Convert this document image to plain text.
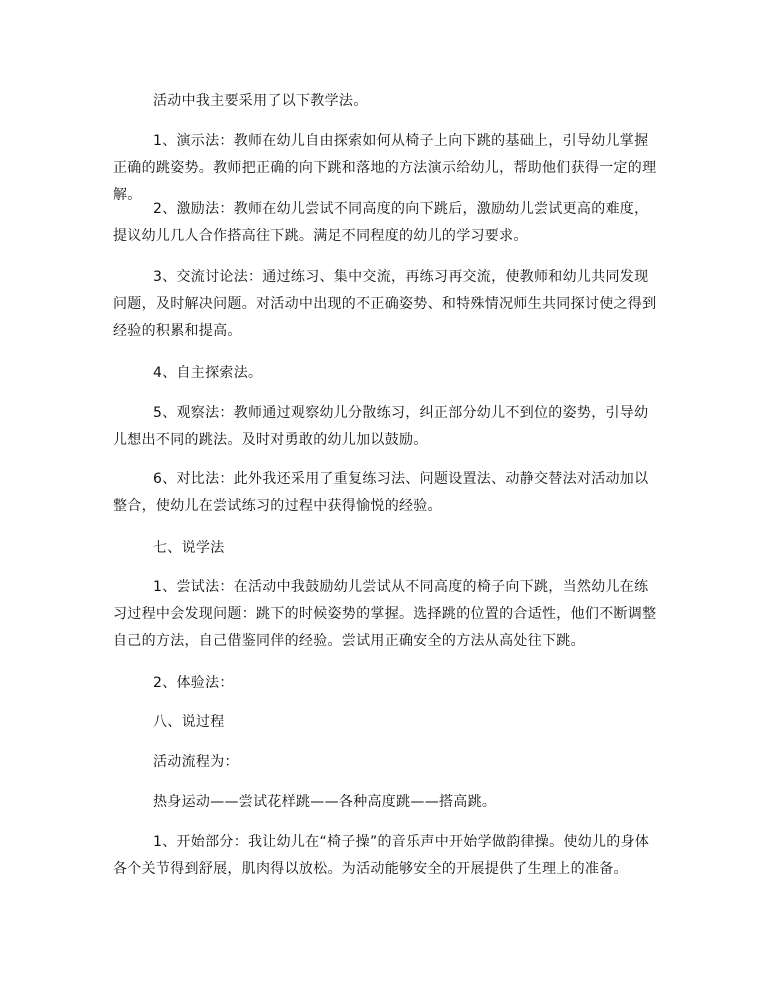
活动中我主要采用了以下教学法。

1、演示法：教师在幼儿自由探索如何从椅子上向下跳的基础上，引导幼儿掌握正确的跳姿势。教师把正确的向下跳和落地的方法演示给幼儿，帮助他们获得一定的理解。

2、激励法：教师在幼儿尝试不同高度的向下跳后，激励幼儿尝试更高的难度，提议幼儿几人合作搭高往下跳。满足不同程度的幼儿的学习要求。

3、交流讨论法：通过练习、集中交流，再练习再交流，使教师和幼儿共同发现问题，及时解决问题。对活动中出现的不正确姿势、和特殊情况师生共同探讨使之得到经验的积累和提高。

4、自主探索法。

5、观察法：教师通过观察幼儿分散练习，纠正部分幼儿不到位的姿势，引导幼儿想出不同的跳法。及时对勇敢的幼儿加以鼓励。

6、对比法：此外我还采用了重复练习法、问题设置法、动静交替法对活动加以整合，使幼儿在尝试练习的过程中获得愉悦的经验。

七、说学法

1、尝试法：在活动中我鼓励幼儿尝试从不同高度的椅子向下跳，当然幼儿在练习过程中会发现问题：跳下的时候姿势的掌握。选择跳的位置的合适性，他们不断调整自己的方法，自己借鉴同伴的经验。尝试用正确安全的方法从高处往下跳。

2、体验法：

八、说过程

活动流程为：

热身运动——尝试花样跳——各种高度跳——搭高跳。

1、开始部分：我让幼儿在“椅子操”的音乐声中开始学做韵律操。使幼儿的身体各个关节得到舒展，肌肉得以放松。为活动能够安全的开展提供了生理上的准备。
